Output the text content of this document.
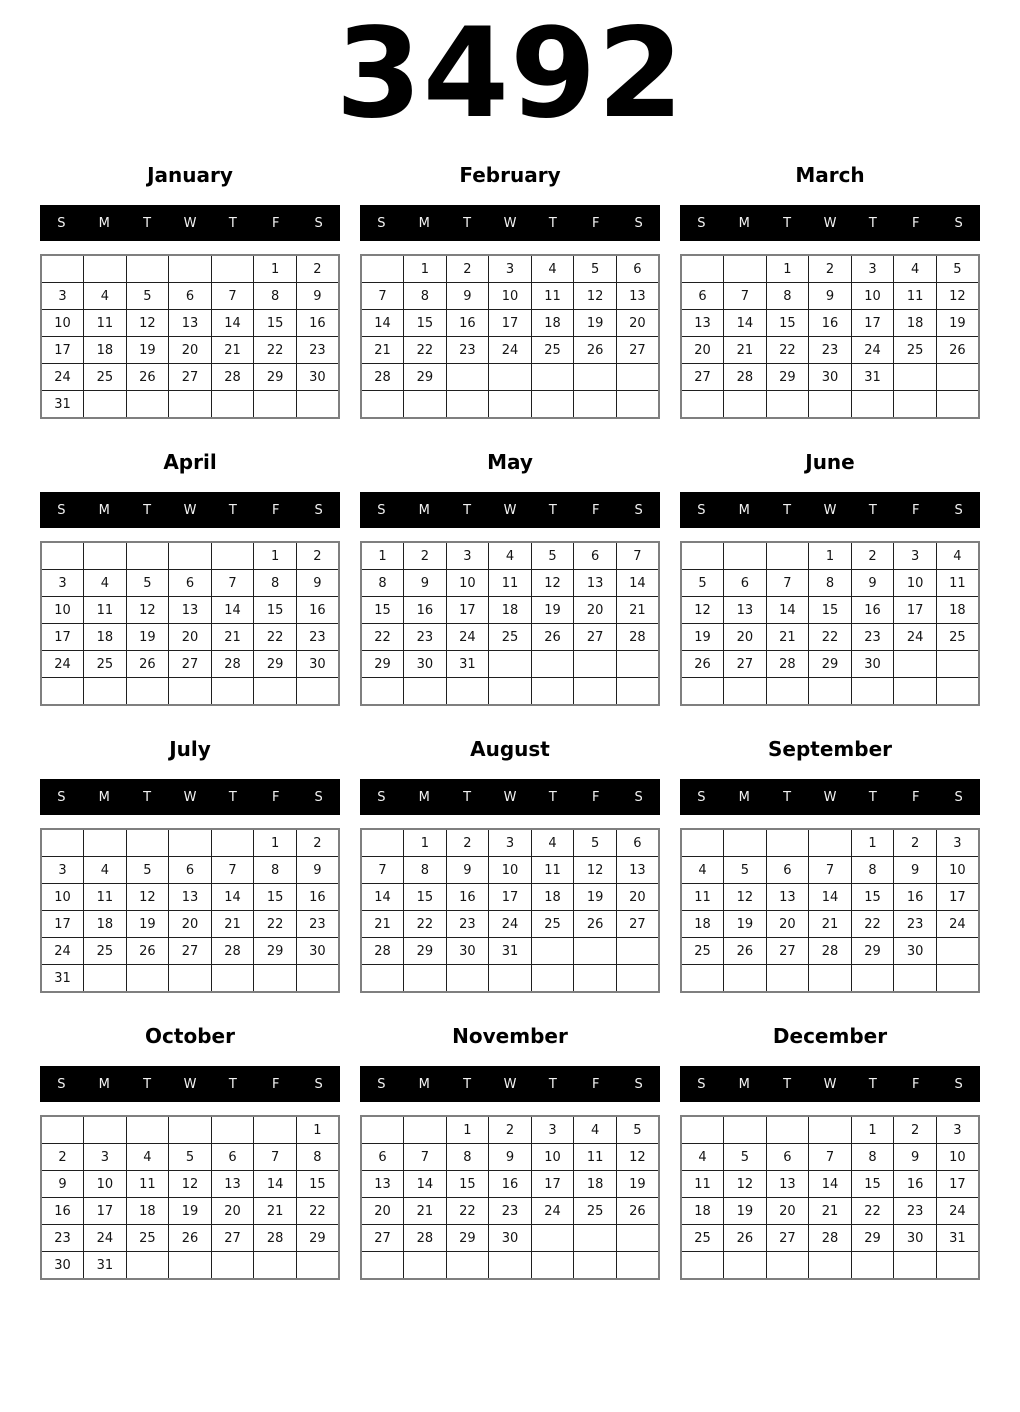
3492
January
S	M	T	W	T	F	S
					1	2
3	4	5	6	7	8	9
10	11	12	13	14	15	16
17	18	19	20	21	22	23
24	25	26	27	28	29	30
31						
February
S	M	T	W	T	F	S
	1	2	3	4	5	6
7	8	9	10	11	12	13
14	15	16	17	18	19	20
21	22	23	24	25	26	27
28	29					

March
S	M	T	W	T	F	S
		1	2	3	4	5
6	7	8	9	10	11	12
13	14	15	16	17	18	19
20	21	22	23	24	25	26
27	28	29	30	31		

April
S	M	T	W	T	F	S
					1	2
3	4	5	6	7	8	9
10	11	12	13	14	15	16
17	18	19	20	21	22	23
24	25	26	27	28	29	30

May
S	M	T	W	T	F	S
1	2	3	4	5	6	7
8	9	10	11	12	13	14
15	16	17	18	19	20	21
22	23	24	25	26	27	28
29	30	31				

June
S	M	T	W	T	F	S
			1	2	3	4
5	6	7	8	9	10	11
12	13	14	15	16	17	18
19	20	21	22	23	24	25
26	27	28	29	30		

July
S	M	T	W	T	F	S
					1	2
3	4	5	6	7	8	9
10	11	12	13	14	15	16
17	18	19	20	21	22	23
24	25	26	27	28	29	30
31						
August
S	M	T	W	T	F	S
	1	2	3	4	5	6
7	8	9	10	11	12	13
14	15	16	17	18	19	20
21	22	23	24	25	26	27
28	29	30	31			

September
S	M	T	W	T	F	S
				1	2	3
4	5	6	7	8	9	10
11	12	13	14	15	16	17
18	19	20	21	22	23	24
25	26	27	28	29	30	

October
S	M	T	W	T	F	S
						1
2	3	4	5	6	7	8
9	10	11	12	13	14	15
16	17	18	19	20	21	22
23	24	25	26	27	28	29
30	31					
November
S	M	T	W	T	F	S
		1	2	3	4	5
6	7	8	9	10	11	12
13	14	15	16	17	18	19
20	21	22	23	24	25	26
27	28	29	30			

December
S	M	T	W	T	F	S
				1	2	3
4	5	6	7	8	9	10
11	12	13	14	15	16	17
18	19	20	21	22	23	24
25	26	27	28	29	30	31
